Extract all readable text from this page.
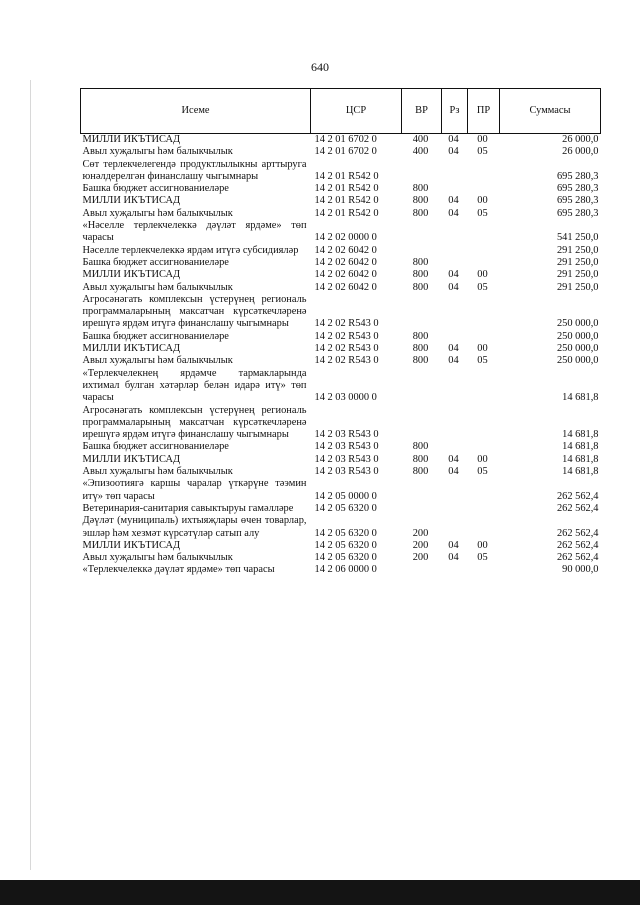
640
Исеме	ЦСР	ВР	Рз	ПР	Суммасы
МИЛЛИ ИКЪТИСАД	14 2 01 6702 0	400	04	00	26 000,0
Авыл хуҗалыгы һәм балыкчылык	14 2 01 6702 0	400	04	05	26 000,0
Сөт терлекчелегендә продуктлылыкны арттыруга юнәлдерелгән финанслашу чыгымнары	14 2 01 R542 0				695 280,3
Башка бюджет ассигнованиеләре	14 2 01 R542 0	800			695 280,3
МИЛЛИ ИКЪТИСАД	14 2 01 R542 0	800	04	00	695 280,3
Авыл хуҗалыгы һәм балыкчылык	14 2 01 R542 0	800	04	05	695 280,3
«Нәселле терлекчелеккә дәүләт ярдәме» төп чарасы	14 2 02 0000 0				541 250,0
Нәселле терлекчелеккә ярдәм итүгә субсидияләр	14 2 02 6042 0				291 250,0
Башка бюджет ассигнованиеләре	14 2 02 6042 0	800			291 250,0
МИЛЛИ ИКЪТИСАД	14 2 02 6042 0	800	04	00	291 250,0
Авыл хуҗалыгы һәм балыкчылык	14 2 02 6042 0	800	04	05	291 250,0
Агросәнәгать комплексын үстерүнең региональ программаларының максатчан күрсәткечләренә ирешүгә ярдәм итүгә финанслашу чыгымнары	14 2 02 R543 0				250 000,0
Башка бюджет ассигнованиеләре	14 2 02 R543 0	800			250 000,0
МИЛЛИ ИКЪТИСАД	14 2 02 R543 0	800	04	00	250 000,0
Авыл хуҗалыгы һәм балыкчылык	14 2 02 R543 0	800	04	05	250 000,0
«Терлекчелекнең ярдәмче тармакларында ихтимал булган хәтәрләр белән идарә итү» төп чарасы	14 2 03 0000 0				14 681,8
Агросәнәгать комплексын үстерүнең региональ программаларының максатчан күрсәткечләренә ирешүгә ярдәм итүгә финанслашу чыгымнары	14 2 03 R543 0				14 681,8
Башка бюджет ассигнованиеләре	14 2 03 R543 0	800			14 681,8
МИЛЛИ ИКЪТИСАД	14 2 03 R543 0	800	04	00	14 681,8
Авыл хуҗалыгы һәм балыкчылык	14 2 03 R543 0	800	04	05	14 681,8
«Эпизоотиягә каршы чаралар үткәрүне тәэмин итү» төп чарасы	14 2 05 0000 0				262 562,4
Ветеринария-санитария савыктыруы гамәлләре	14 2 05 6320 0				262 562,4
Дәүләт (муниципаль) ихтыяҗлары өчен товарлар, эшләр һәм хезмәт күрсәтүләр сатып алу	14 2 05 6320 0	200			262 562,4
МИЛЛИ ИКЪТИСАД	14 2 05 6320 0	200	04	00	262 562,4
Авыл хуҗалыгы һәм балыкчылык	14 2 05 6320 0	200	04	05	262 562,4
«Терлекчелеккә дәүләт ярдәме» төп чарасы	14 2 06 0000 0				90 000,0
